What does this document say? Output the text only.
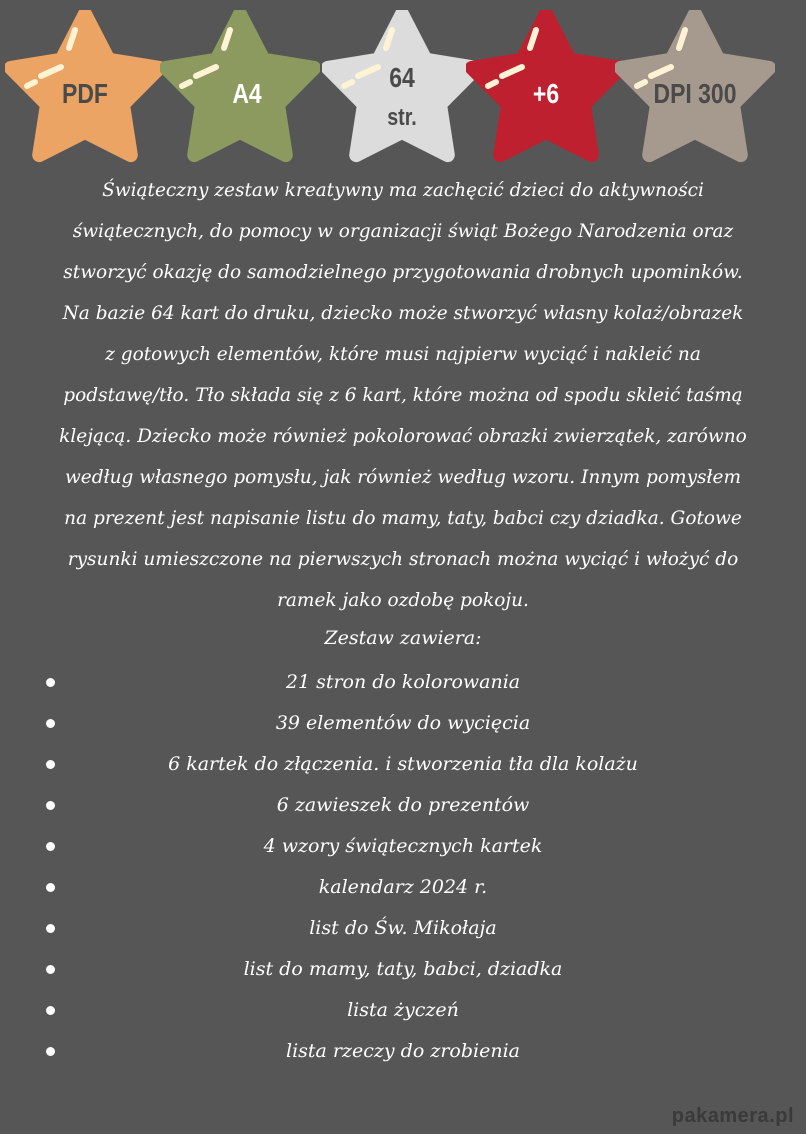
PDF	A4
64
str.
+6	DPI 300
Świąteczny zestaw kreatywny ma zachęcić dzieci do aktywności
świątecznych, do pomocy w organizacji świąt Bożego Narodzenia oraz
stworzyć okazję do samodzielnego przygotowania drobnych upominków.
Na bazie 64 kart do druku, dziecko może stworzyć własny kolaż/obrazek
z gotowych elementów, które musi najpierw wyciąć i nakleić na
podstawę/tło. Tło składa się z 6 kart, które można od spodu skleić taśmą
klejącą. Dziecko może również pokolorować obrazki zwierzątek, zarówno
według własnego pomysłu, jak również według wzoru. Innym pomysłem
na prezent jest napisanie listu do mamy, taty, babci czy dziadka. Gotowe
rysunki umieszczone na pierwszych stronach można wyciąć i włożyć do
ramek jako ozdobę pokoju.
Zestaw zawiera:
21 stron do kolorowania
39 elementów do wycięcia
6 kartek do złączenia. i stworzenia tła dla kolażu
6 zawieszek do prezentów
4 wzory świątecznych kartek
kalendarz 2024 r.
list do Św. Mikołaja
list do mamy, taty, babci, dziadka
lista życzeń
lista rzeczy do zrobienia
pakamera.pl
